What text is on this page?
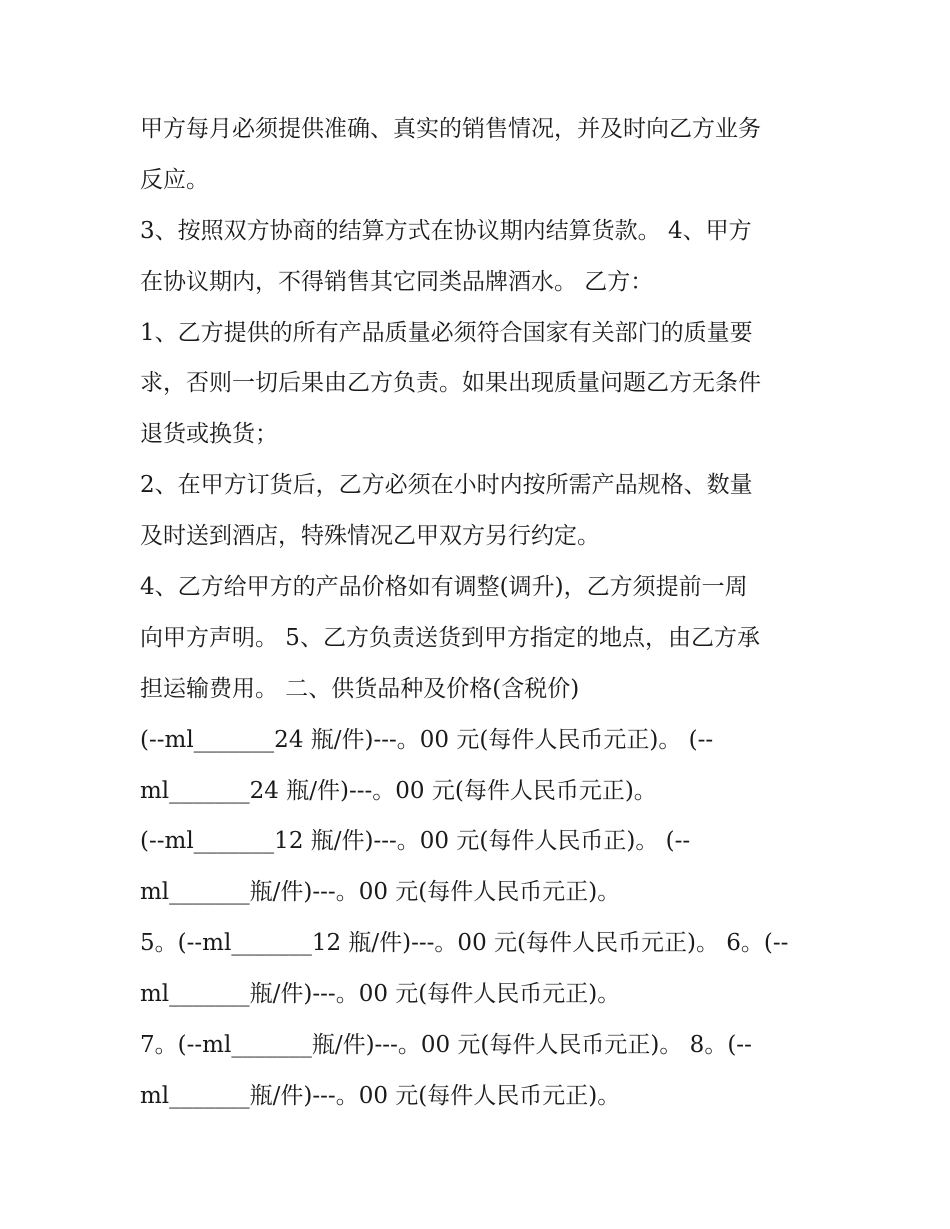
甲方每月必须提供准确、真实的销售情况，并及时向乙方业务
反应。
3、按照双方协商的结算方式在协议期内结算货款。 4、甲方
在协议期内，不得销售其它同类品牌酒水。 乙方：
1、乙方提供的所有产品质量必须符合国家有关部门的质量要
求，否则一切后果由乙方负责。如果出现质量问题乙方无条件
退货或换货；
2、在甲方订货后，乙方必须在小时内按所需产品规格、数量
及时送到酒店，特殊情况乙甲双方另行约定。
4、乙方给甲方的产品价格如有调整(调升)，乙方须提前一周
向甲方声明。 5、乙方负责送货到甲方指定的地点，由乙方承
担运输费用。 二、供货品种及价格(含税价)
(--ml_______24 瓶/件)---。00 元(每件人民币元正)。 (--
ml_______24 瓶/件)---。00 元(每件人民币元正)。
(--ml_______12 瓶/件)---。00 元(每件人民币正)。 (--
ml_______瓶/件)---。00 元(每件人民币元正)。
5。(--ml_______12 瓶/件)---。00 元(每件人民币元正)。 6。(--
ml_______瓶/件)---。00 元(每件人民币元正)。
7。(--ml_______瓶/件)---。00 元(每件人民币元正)。 8。(--
ml_______瓶/件)---。00 元(每件人民币元正)。
